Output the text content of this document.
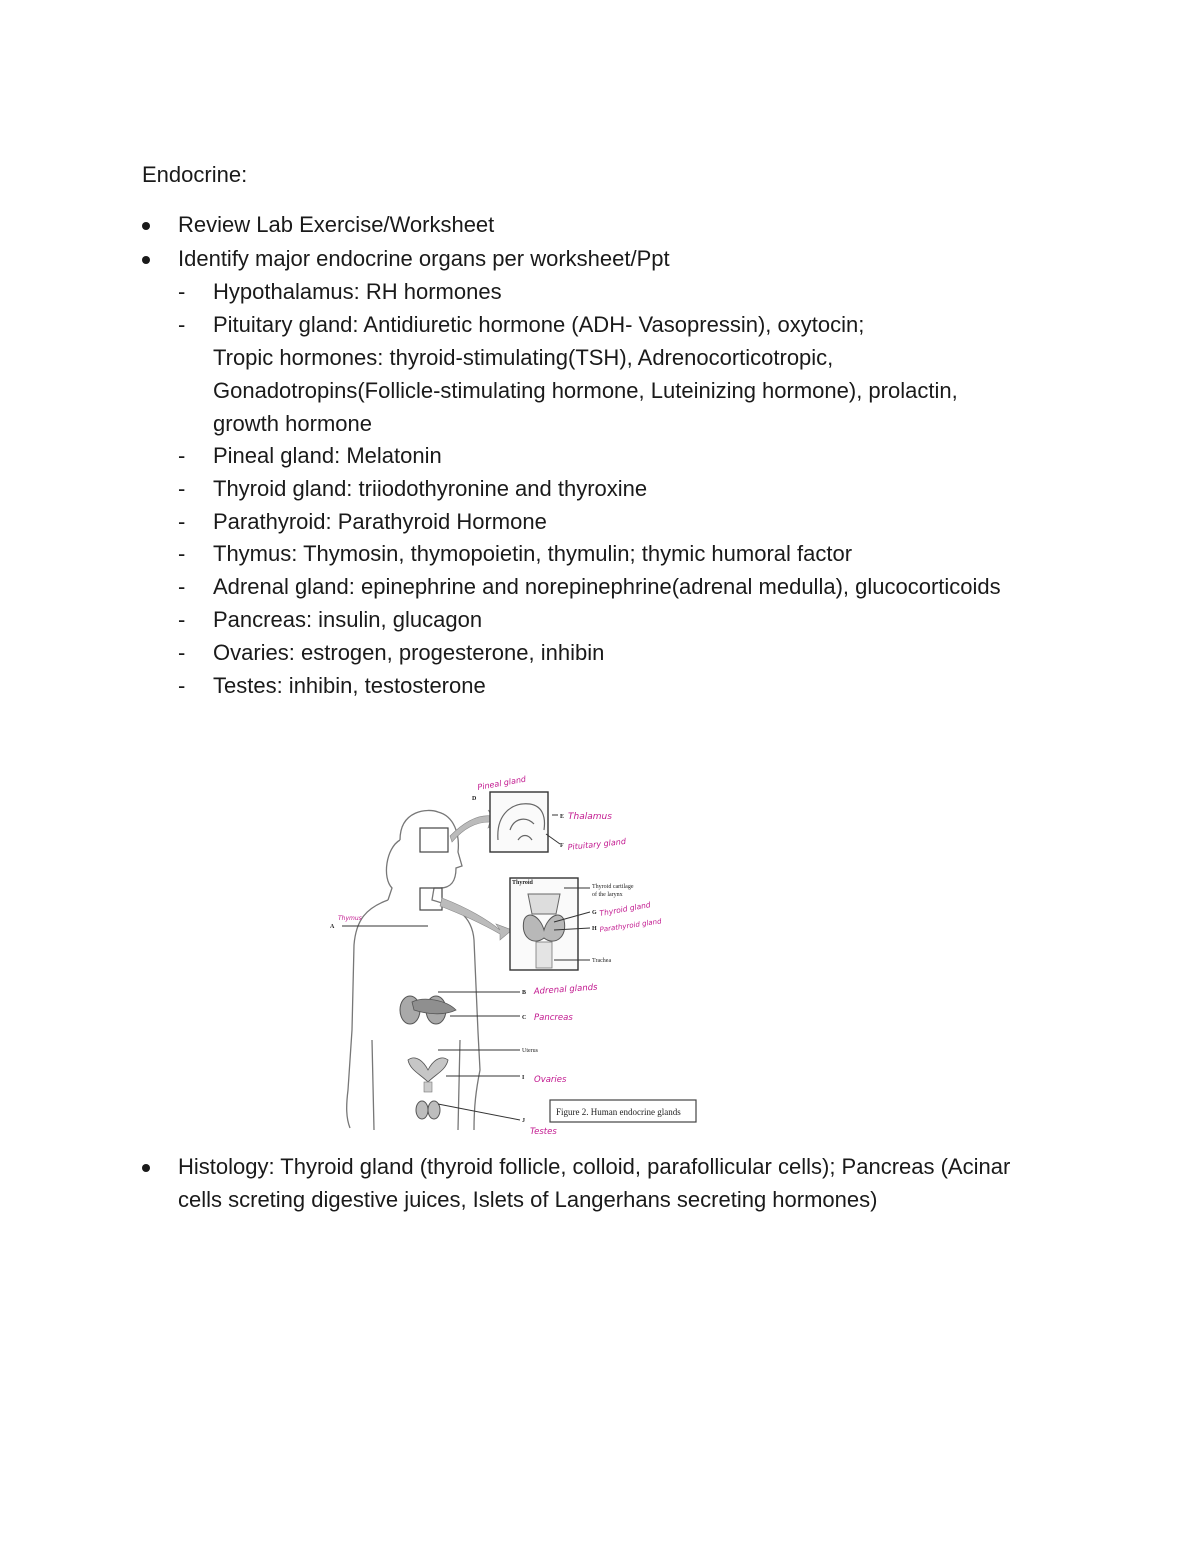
Endocrine:
Review Lab Exercise/Worksheet
Identify major endocrine organs per worksheet/Ppt
- Hypothalamus: RH hormones
- Pituitary gland: Antidiuretic hormone (ADH- Vasopressin), oxytocin;
Tropic hormones: thyroid-stimulating(TSH), Adrenocorticotropic,
Gonadotropins(Follicle-stimulating hormone, Luteinizing hormone), prolactin,
growth hormone
- Pineal gland: Melatonin
- Thyroid gland: triiodothyronine and thyroxine
- Parathyroid: Parathyroid Hormone
- Thymus: Thymosin, thymopoietin, thymulin; thymic humoral factor
- Adrenal gland: epinephrine and norepinephrine(adrenal medulla), glucocorticoids
- Pancreas: insulin, glucagon
- Ovaries: estrogen, progesterone, inhibin
- Testes: inhibin, testosterone
Figure 2. Human endocrine glands
Thyroid
Thyroid cartilage
of the larynx
Trachea
Uterus
D
E
F
A
G
H
B
C
I
J
Pineal gland
Thalamus
Pituitary gland
Thymus
Thyroid gland
Parathyroid gland
Adrenal glands
Pancreas
Ovaries
Testes
Histology: Thyroid gland (thyroid follicle, colloid, parafollicular cells); Pancreas (Acinar
cells screting digestive juices, Islets of Langerhans secreting hormones)
